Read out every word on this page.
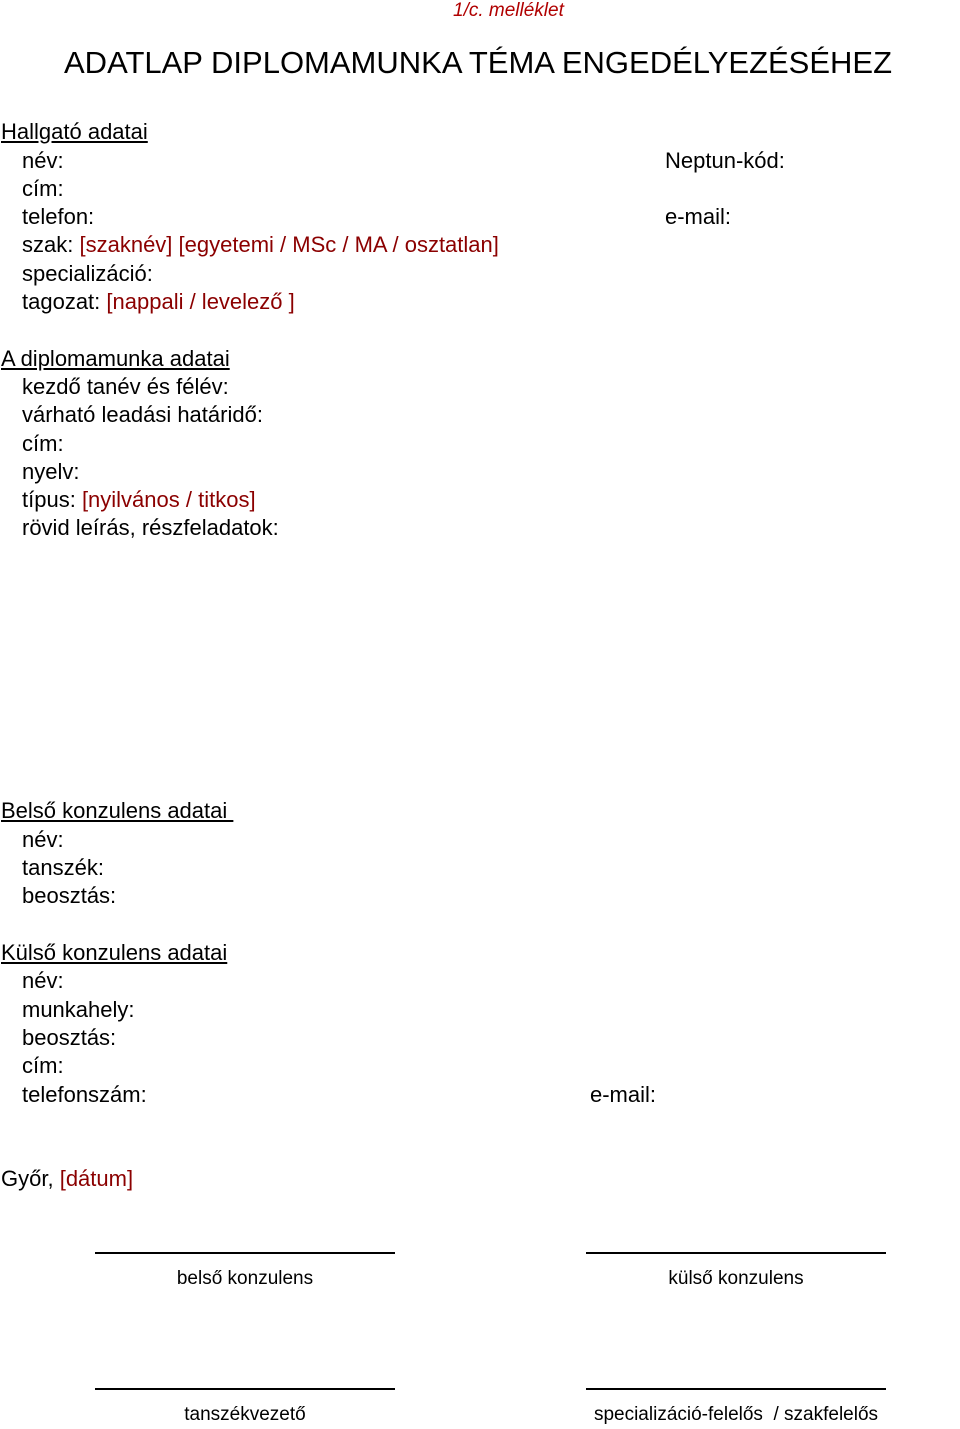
1/c. melléklet
ADATLAP DIPLOMAMUNKA TÉMA ENGEDÉLYEZÉSÉHEZ
Hallgató adatai
név:	Neptun-kód:
cím:
telefon:	e-mail:
szak: [szaknév] [egyetemi / MSc / MA / osztatlan]
specializáció:
tagozat: [nappali / levelező ]
A diplomamunka adatai
kezdő tanév és félév:
várható leadási határidő:
cím:
nyelv:
típus: [nyilvános / titkos]
rövid leírás, részfeladatok:
Belső konzulens adatai
név:
tanszék:
beosztás:
Külső konzulens adatai
név:
munkahely:
beosztás:
cím:
telefonszám:	e-mail:
Győr, [dátum]
belső konzulens	külső konzulens
tanszékvezető	specializáció-felelős  / szakfelelős
